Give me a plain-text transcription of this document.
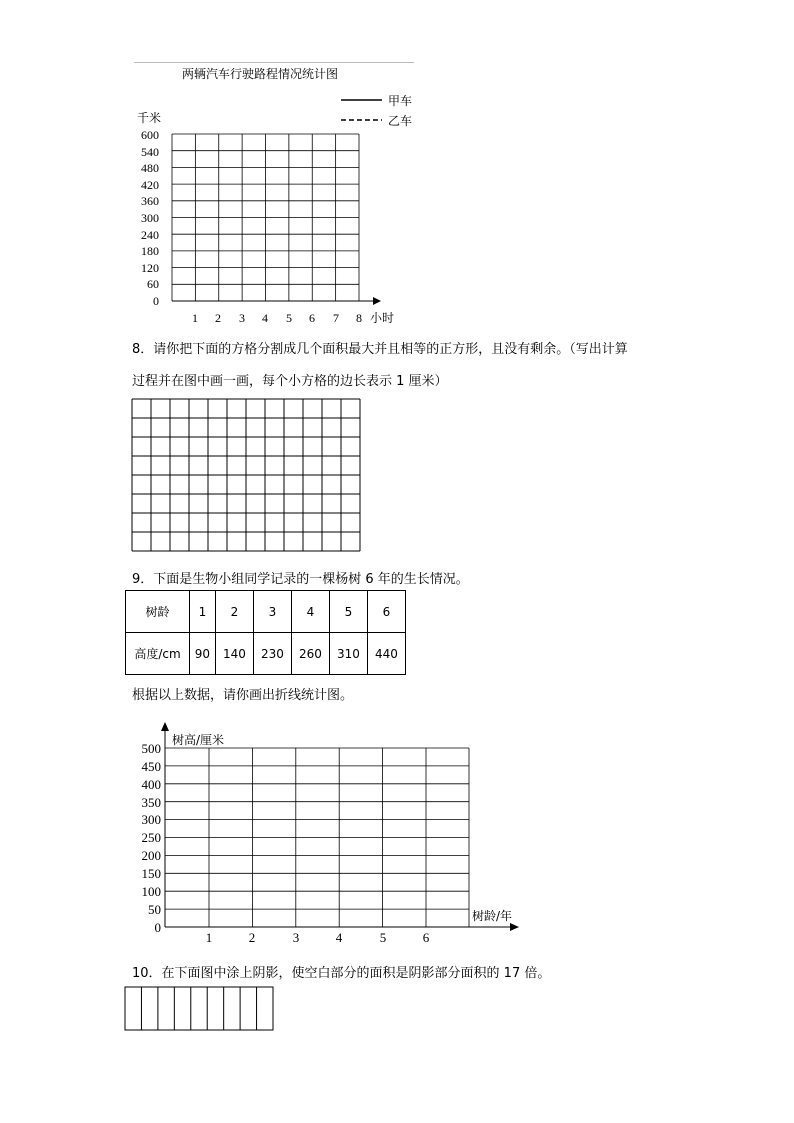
两辆汽车行驶路程情况统计图
千米
甲车
乙车
600
540
480
420
360
300
240
180
120
60
0
1 2 3 4 5 6 7 8 小时
8．请你把下面的方格分割成几个面积最大并且相等的正方形，且没有剩余。（写出计算
过程并在图中画一画，每个小方格的边长表示 1 厘米）
9．下面是生物小组同学记录的一棵杨树 6 年的生长情况。
树龄	1	2	3	4	5	6
高度/cm	90	140	230	260	310	440
根据以上数据，请你画出折线统计图。
树高/厘米
树龄/年
500
450
400
350
300
250
200
150
100
50
0
1	2	3	4	5	6
10．在下面图中涂上阴影，使空白部分的面积是阴影部分面积的 17 倍。
